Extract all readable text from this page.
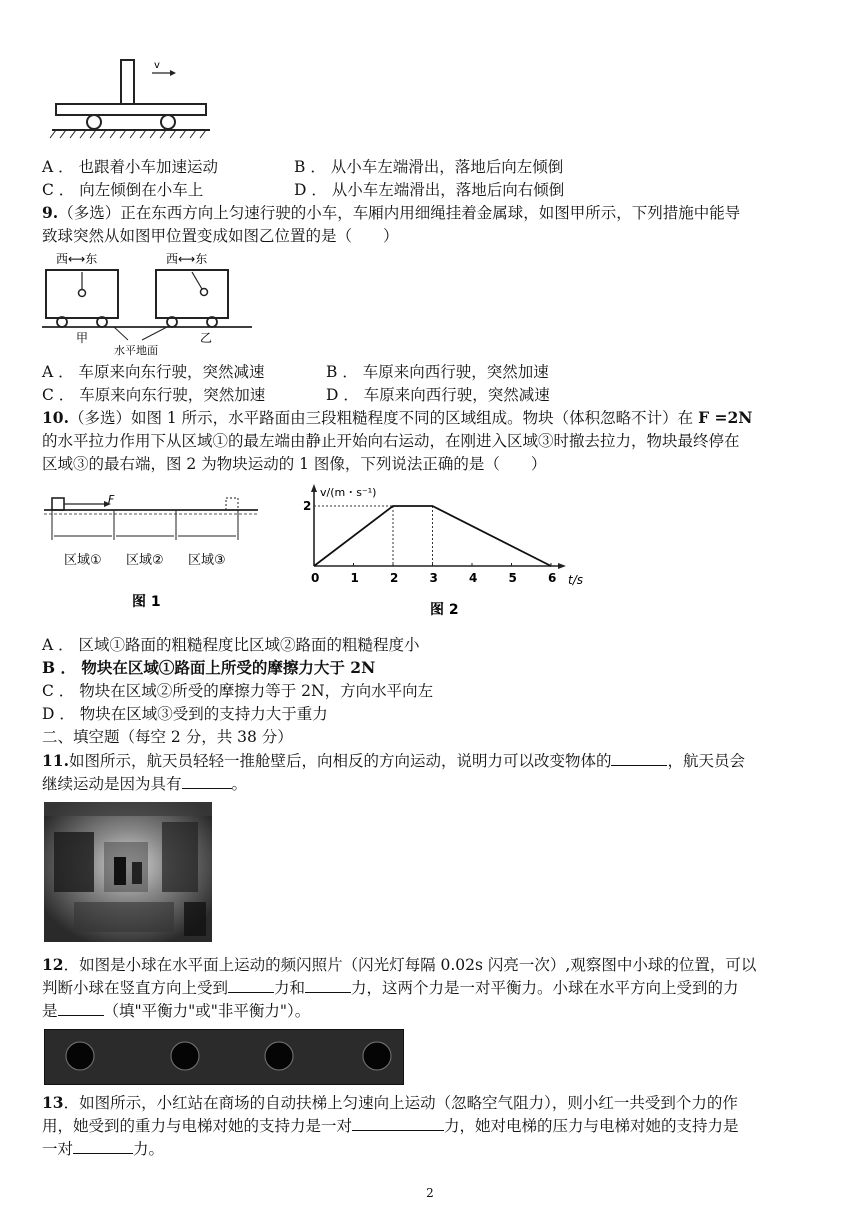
v
A ． 也跟着小车加速运动	B ． 从小车左端滑出，落地后向左倾倒
C ． 向左倾倒在小车上	D ． 从小车左端滑出，落地后向右倾倒
9.（多选）正在东西方向上匀速行驶的小车，车厢内用细绳挂着金属球，如图甲所示，下列措施中能导
致球突然从如图甲位置变成如图乙位置的是（　　）
西⟷东	西⟷东
甲	乙
水平地面
A ． 车原来向东行驶，突然减速	B ． 车原来向西行驶，突然加速
C ． 车原来向东行驶，突然加速	D ． 车原来向西行驶，突然减速
10.（多选）如图 1 所示，水平路面由三段粗糙程度不同的区域组成。物块（体积忽略不计）在 F =2N
的水平拉力作用下从区域①的最左端由静止开始向右运动，在刚进入区域③时撤去拉力，物块最终停在
区域③的最右端，图 2 为物块运动的 1 图像，下列说法正确的是（　　）
F
区域① 区域② 区域③
图 1
v/(m・s⁻¹)
t/s
图 2
0	1	2	3	4	5	6
2
A ． 区域①路面的粗糙程度比区域②路面的粗糙程度小
B ． 物块在区域①路面上所受的摩擦力大于 2N
C ． 物块在区域②所受的摩擦力等于 2N，方向水平向左
D ． 物块在区域③受到的支持力大于重力
二、填空题（每空 2 分，共 38 分）
11.如图所示，航天员轻轻一推舱壁后，向相反的方向运动，说明力可以改变物体的	，航天员会
继续运动是因为具有	。
12．如图是小球在水平面上运动的频闪照片（闪光灯每隔 0.02s 闪亮一次）,观察图中小球的位置，可以
判断小球在竖直方向上受到	力和	力，这两个力是一对平衡力。小球在水平方向上受到的力
是	（填"平衡力"或"非平衡力"）。
13．如图所示，小红站在商场的自动扶梯上匀速向上运动（忽略空气阻力），则小红一共受到个力的作
用，她受到的重力与电梯对她的支持力是一对	力，她对电梯的压力与电梯对她的支持力是
一对	力。
2
